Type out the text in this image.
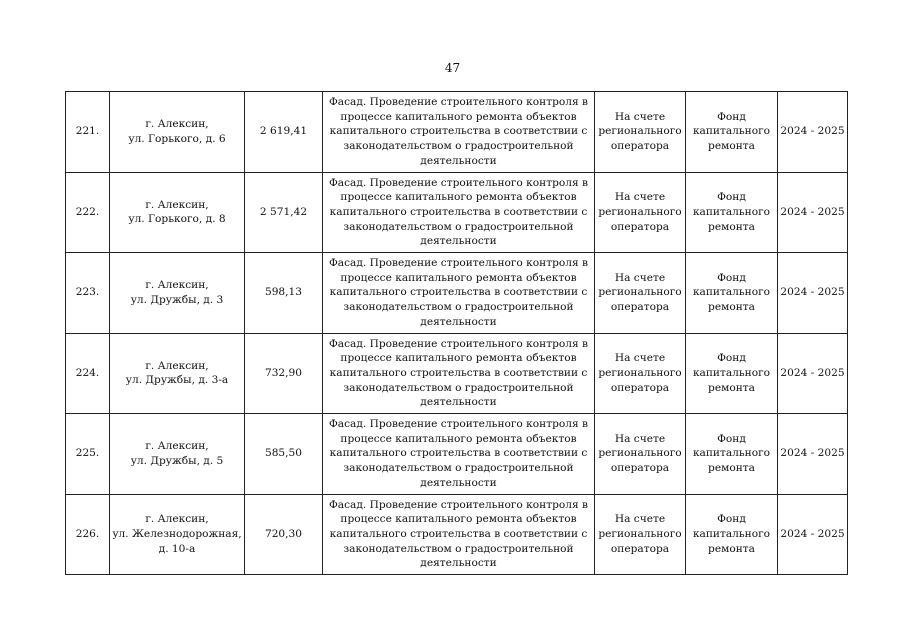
47
221.	г. Алексин,
ул. Горького, д. 6	2 619,41	Фасад. Проведение строительного контроля в
процессе капитального ремонта объектов
капитального строительства в соответствии с
законодательством о градостроительной
деятельности	На счете
регионального
оператора	Фонд
капитального
ремонта	2024 - 2025

222.	г. Алексин,
ул. Горького, д. 8	2 571,42	Фасад. Проведение строительного контроля в
процессе капитального ремонта объектов
капитального строительства в соответствии с
законодательством о градостроительной
деятельности	На счете
регионального
оператора	Фонд
капитального
ремонта	2024 - 2025

223.	г. Алексин,
ул. Дружбы, д. 3	598,13	Фасад. Проведение строительного контроля в
процессе капитального ремонта объектов
капитального строительства в соответствии с
законодательством о градостроительной
деятельности	На счете
регионального
оператора	Фонд
капитального
ремонта	2024 - 2025

224.	г. Алексин,
ул. Дружбы, д. 3-а	732,90	Фасад. Проведение строительного контроля в
процессе капитального ремонта объектов
капитального строительства в соответствии с
законодательством о градостроительной
деятельности	На счете
регионального
оператора	Фонд
капитального
ремонта	2024 - 2025

225.	г. Алексин,
ул. Дружбы, д. 5	585,50	Фасад. Проведение строительного контроля в
процессе капитального ремонта объектов
капитального строительства в соответствии с
законодательством о градостроительной
деятельности	На счете
регионального
оператора	Фонд
капитального
ремонта	2024 - 2025

226.	г. Алексин,
ул. Железнодорожная,
д. 10-а	720,30	Фасад. Проведение строительного контроля в
процессе капитального ремонта объектов
капитального строительства в соответствии с
законодательством о градостроительной
деятельности	На счете
регионального
оператора	Фонд
капитального
ремонта	2024 - 2025
